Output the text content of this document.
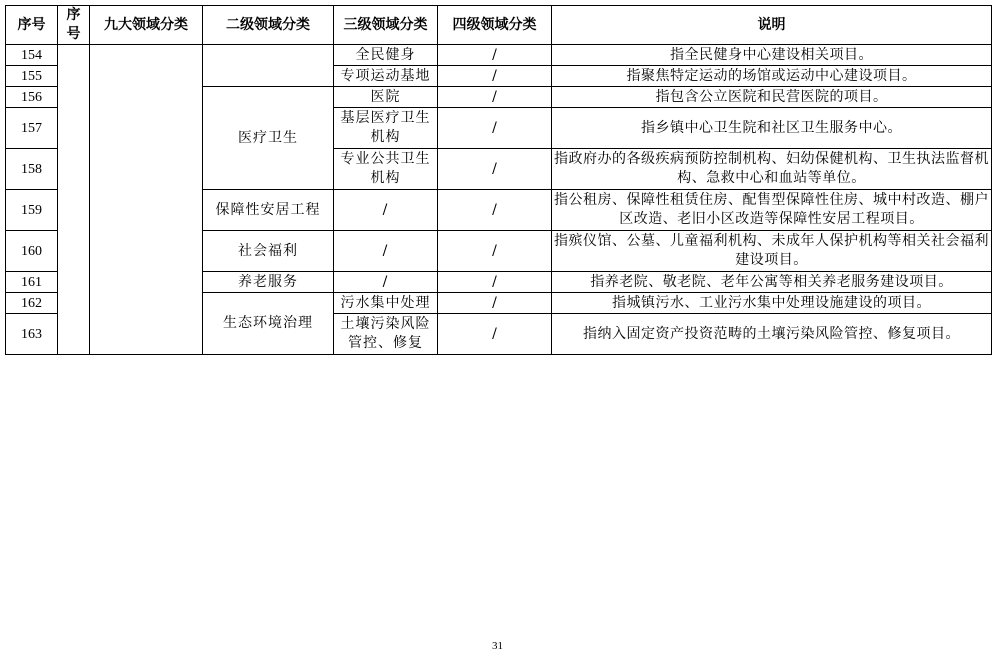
序号	序号	九大领域分类	二级领域分类	三级领域分类	四级领域分类	说明
154				全民健身	/	指全民健身中心建设相关项目。
155				专项运动基地	/	指聚焦特定运动的场馆或运动中心建设项目。
156			医疗卫生	医院	/	指包含公立医院和民营医院的项目。
157				基层医疗卫生机构	/	指乡镇中心卫生院和社区卫生服务中心。
158				专业公共卫生机构	/	指政府办的各级疾病预防控制机构、妇幼保健机构、卫生执法监督机构、急救中心和血站等单位。
159			保障性安居工程	/	/	指公租房、保障性租赁住房、配售型保障性住房、城中村改造、棚户区改造、老旧小区改造等保障性安居工程项目。
160			社会福利	/	/	指殡仪馆、公墓、儿童福利机构、未成年人保护机构等相关社会福利建设项目。
161			养老服务	/	/	指养老院、敬老院、老年公寓等相关养老服务建设项目。
162			生态环境治理	污水集中处理	/	指城镇污水、工业污水集中处理设施建设的项目。
163				土壤污染风险管控、修复	/	指纳入固定资产投资范畴的土壤污染风险管控、修复项目。
31
